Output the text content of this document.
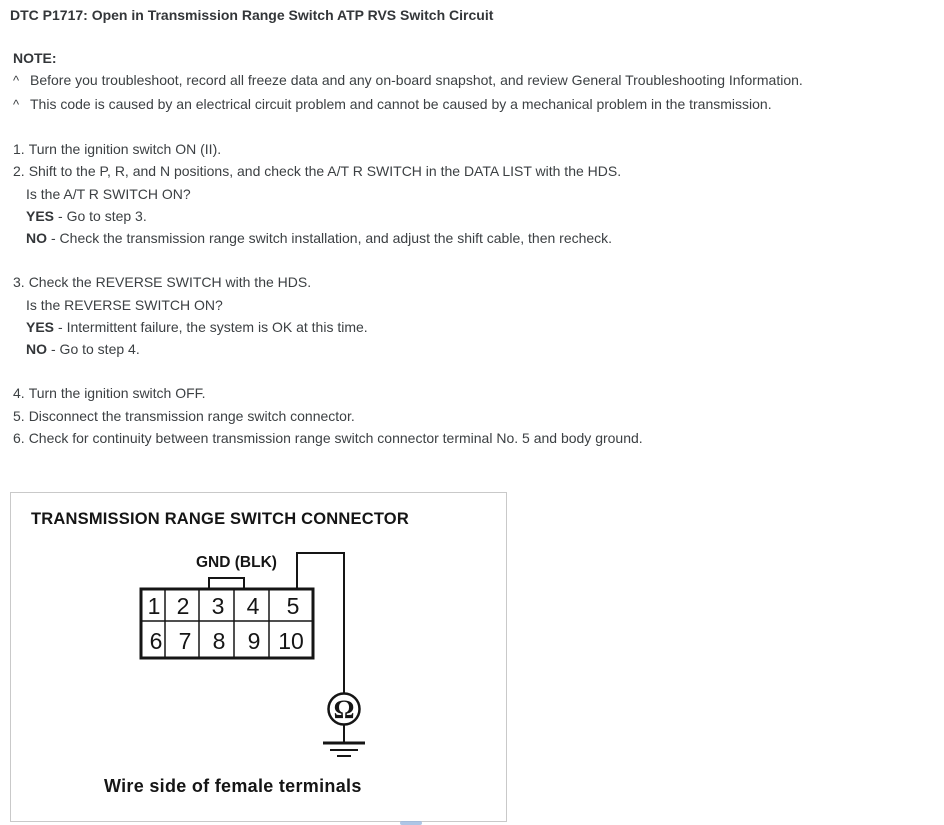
DTC P1717: Open in Transmission Range Switch ATP RVS Switch Circuit
NOTE:
^ Before you troubleshoot, record all freeze data and any on-board snapshot, and review General Troubleshooting Information.
^ This code is caused by an electrical circuit problem and cannot be caused by a mechanical problem in the transmission.
1. Turn the ignition switch ON (II).
2. Shift to the P, R, and N positions, and check the A/T R SWITCH in the DATA LIST with the HDS.
Is the A/T R SWITCH ON?
YES - Go to step 3.
NO - Check the transmission range switch installation, and adjust the shift cable, then recheck.
3. Check the REVERSE SWITCH with the HDS.
Is the REVERSE SWITCH ON?
YES - Intermittent failure, the system is OK at this time.
NO - Go to step 4.
4. Turn the ignition switch OFF.
5. Disconnect the transmission range switch connector.
6. Check for continuity between transmission range switch connector terminal No. 5 and body ground.
TRANSMISSION RANGE SWITCH CONNECTOR
GND (BLK)
1 2 3 4 5
6 7 8 9 10
Ω
Wire side of female terminals
